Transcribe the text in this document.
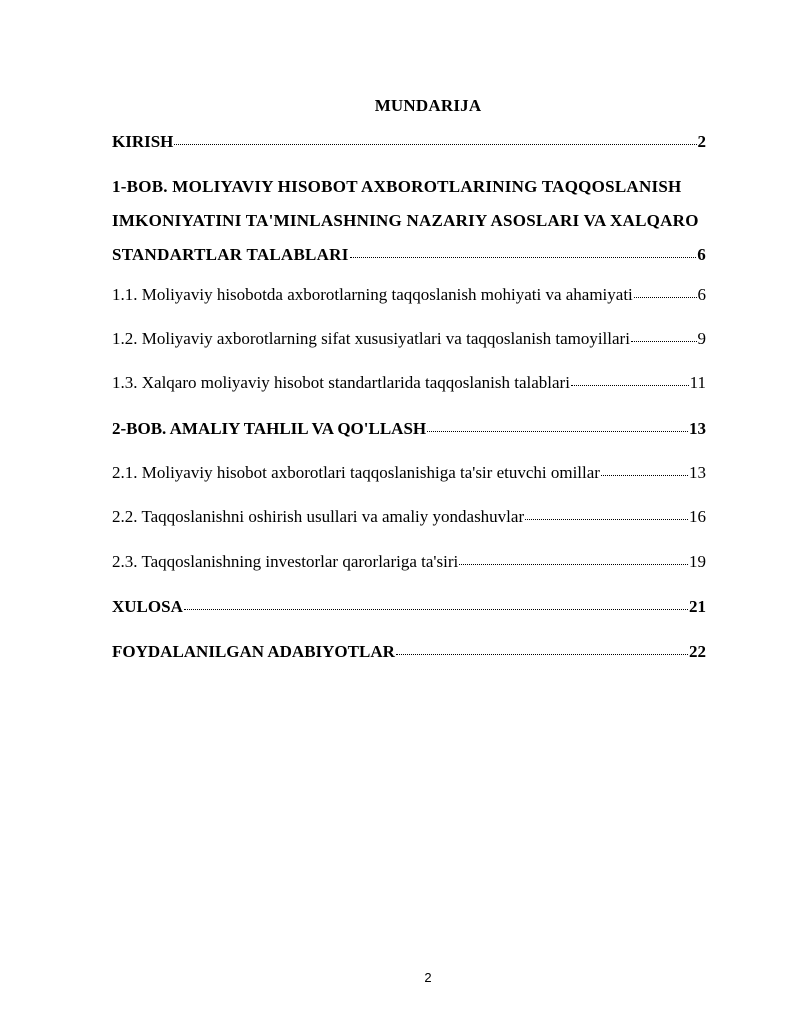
MUNDARIJA
KIRISH	2
1-BOB. MOLIYAVIY HISOBOT AXBOROTLARINING TAQQOSLANISH
IMKONIYATINI TA'MINLASHNING NAZARIY ASOSLARI VA XALQARO
STANDARTLAR TALABLARI	6
1.1. Moliyaviy hisobotda axborotlarning taqqoslanish mohiyati va ahamiyati	6
1.2. Moliyaviy axborotlarning sifat xususiyatlari va taqqoslanish tamoyillari	9
1.3. Xalqaro moliyaviy hisobot standartlarida taqqoslanish talablari	11
2-BOB. AMALIY TAHLIL VA QO'LLASH	13
2.1. Moliyaviy hisobot axborotlari taqqoslanishiga ta'sir etuvchi omillar	13
2.2. Taqqoslanishni oshirish usullari va amaliy yondashuvlar	16
2.3. Taqqoslanishning investorlar qarorlariga ta'siri	19
XULOSA	21
FOYDALANILGAN ADABIYOTLAR	22
2
